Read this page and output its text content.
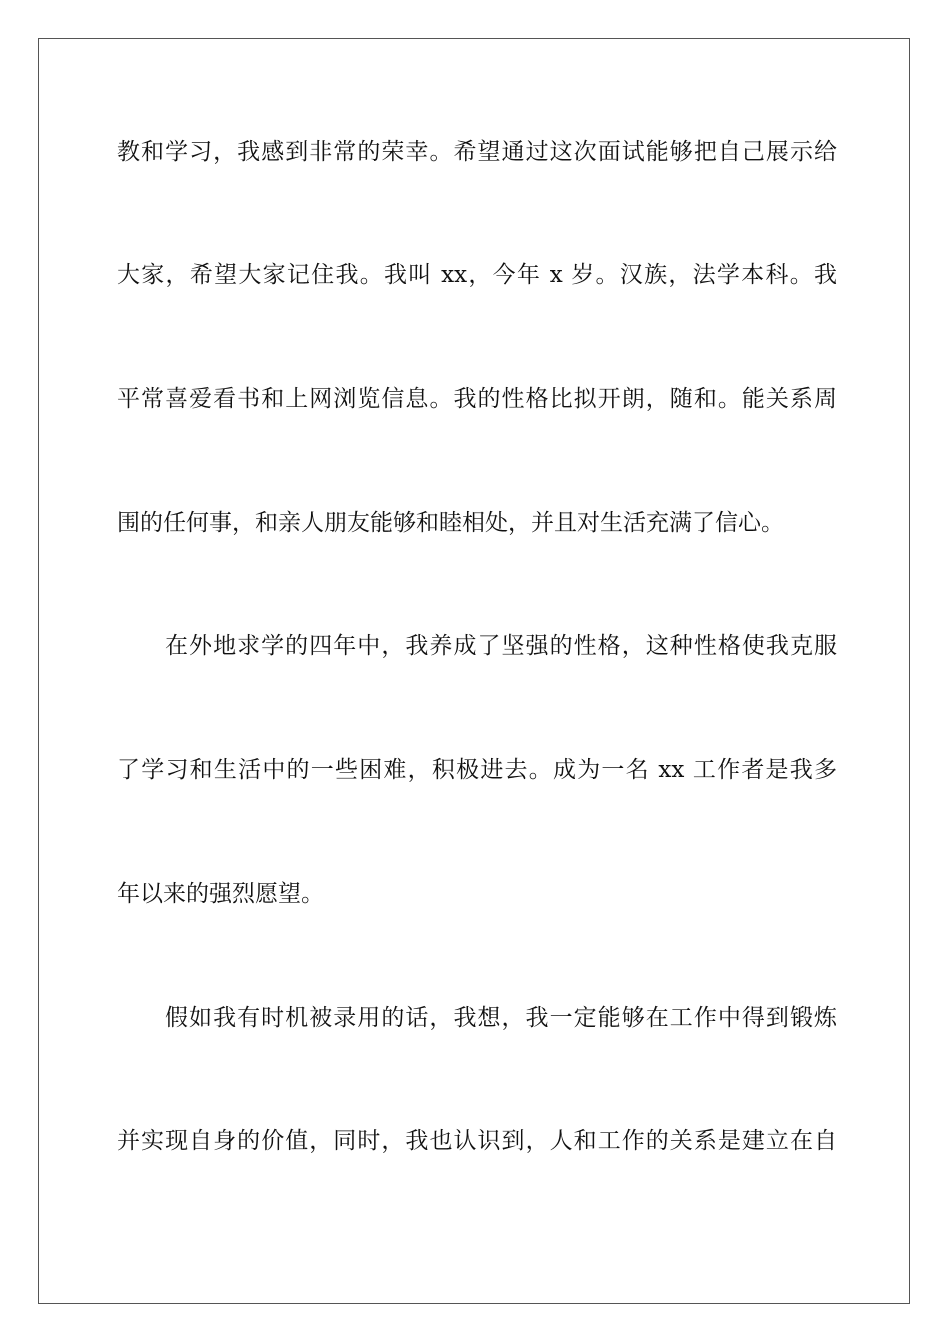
教和学习，我感到非常的荣幸。希望通过这次面试能够把自己展示给
大家，希望大家记住我。我叫 xx，今年 x 岁。汉族，法学本科。我
平常喜爱看书和上网浏览信息。我的性格比拟开朗，随和。能关系周
围的任何事，和亲人朋友能够和睦相处，并且对生活充满了信心。
在外地求学的四年中，我养成了坚强的性格，这种性格使我克服
了学习和生活中的一些困难，积极进去。成为一名 xx 工作者是我多
年以来的强烈愿望。
假如我有时机被录用的话，我想，我一定能够在工作中得到锻炼
并实现自身的价值，同时，我也认识到，人和工作的关系是建立在自
